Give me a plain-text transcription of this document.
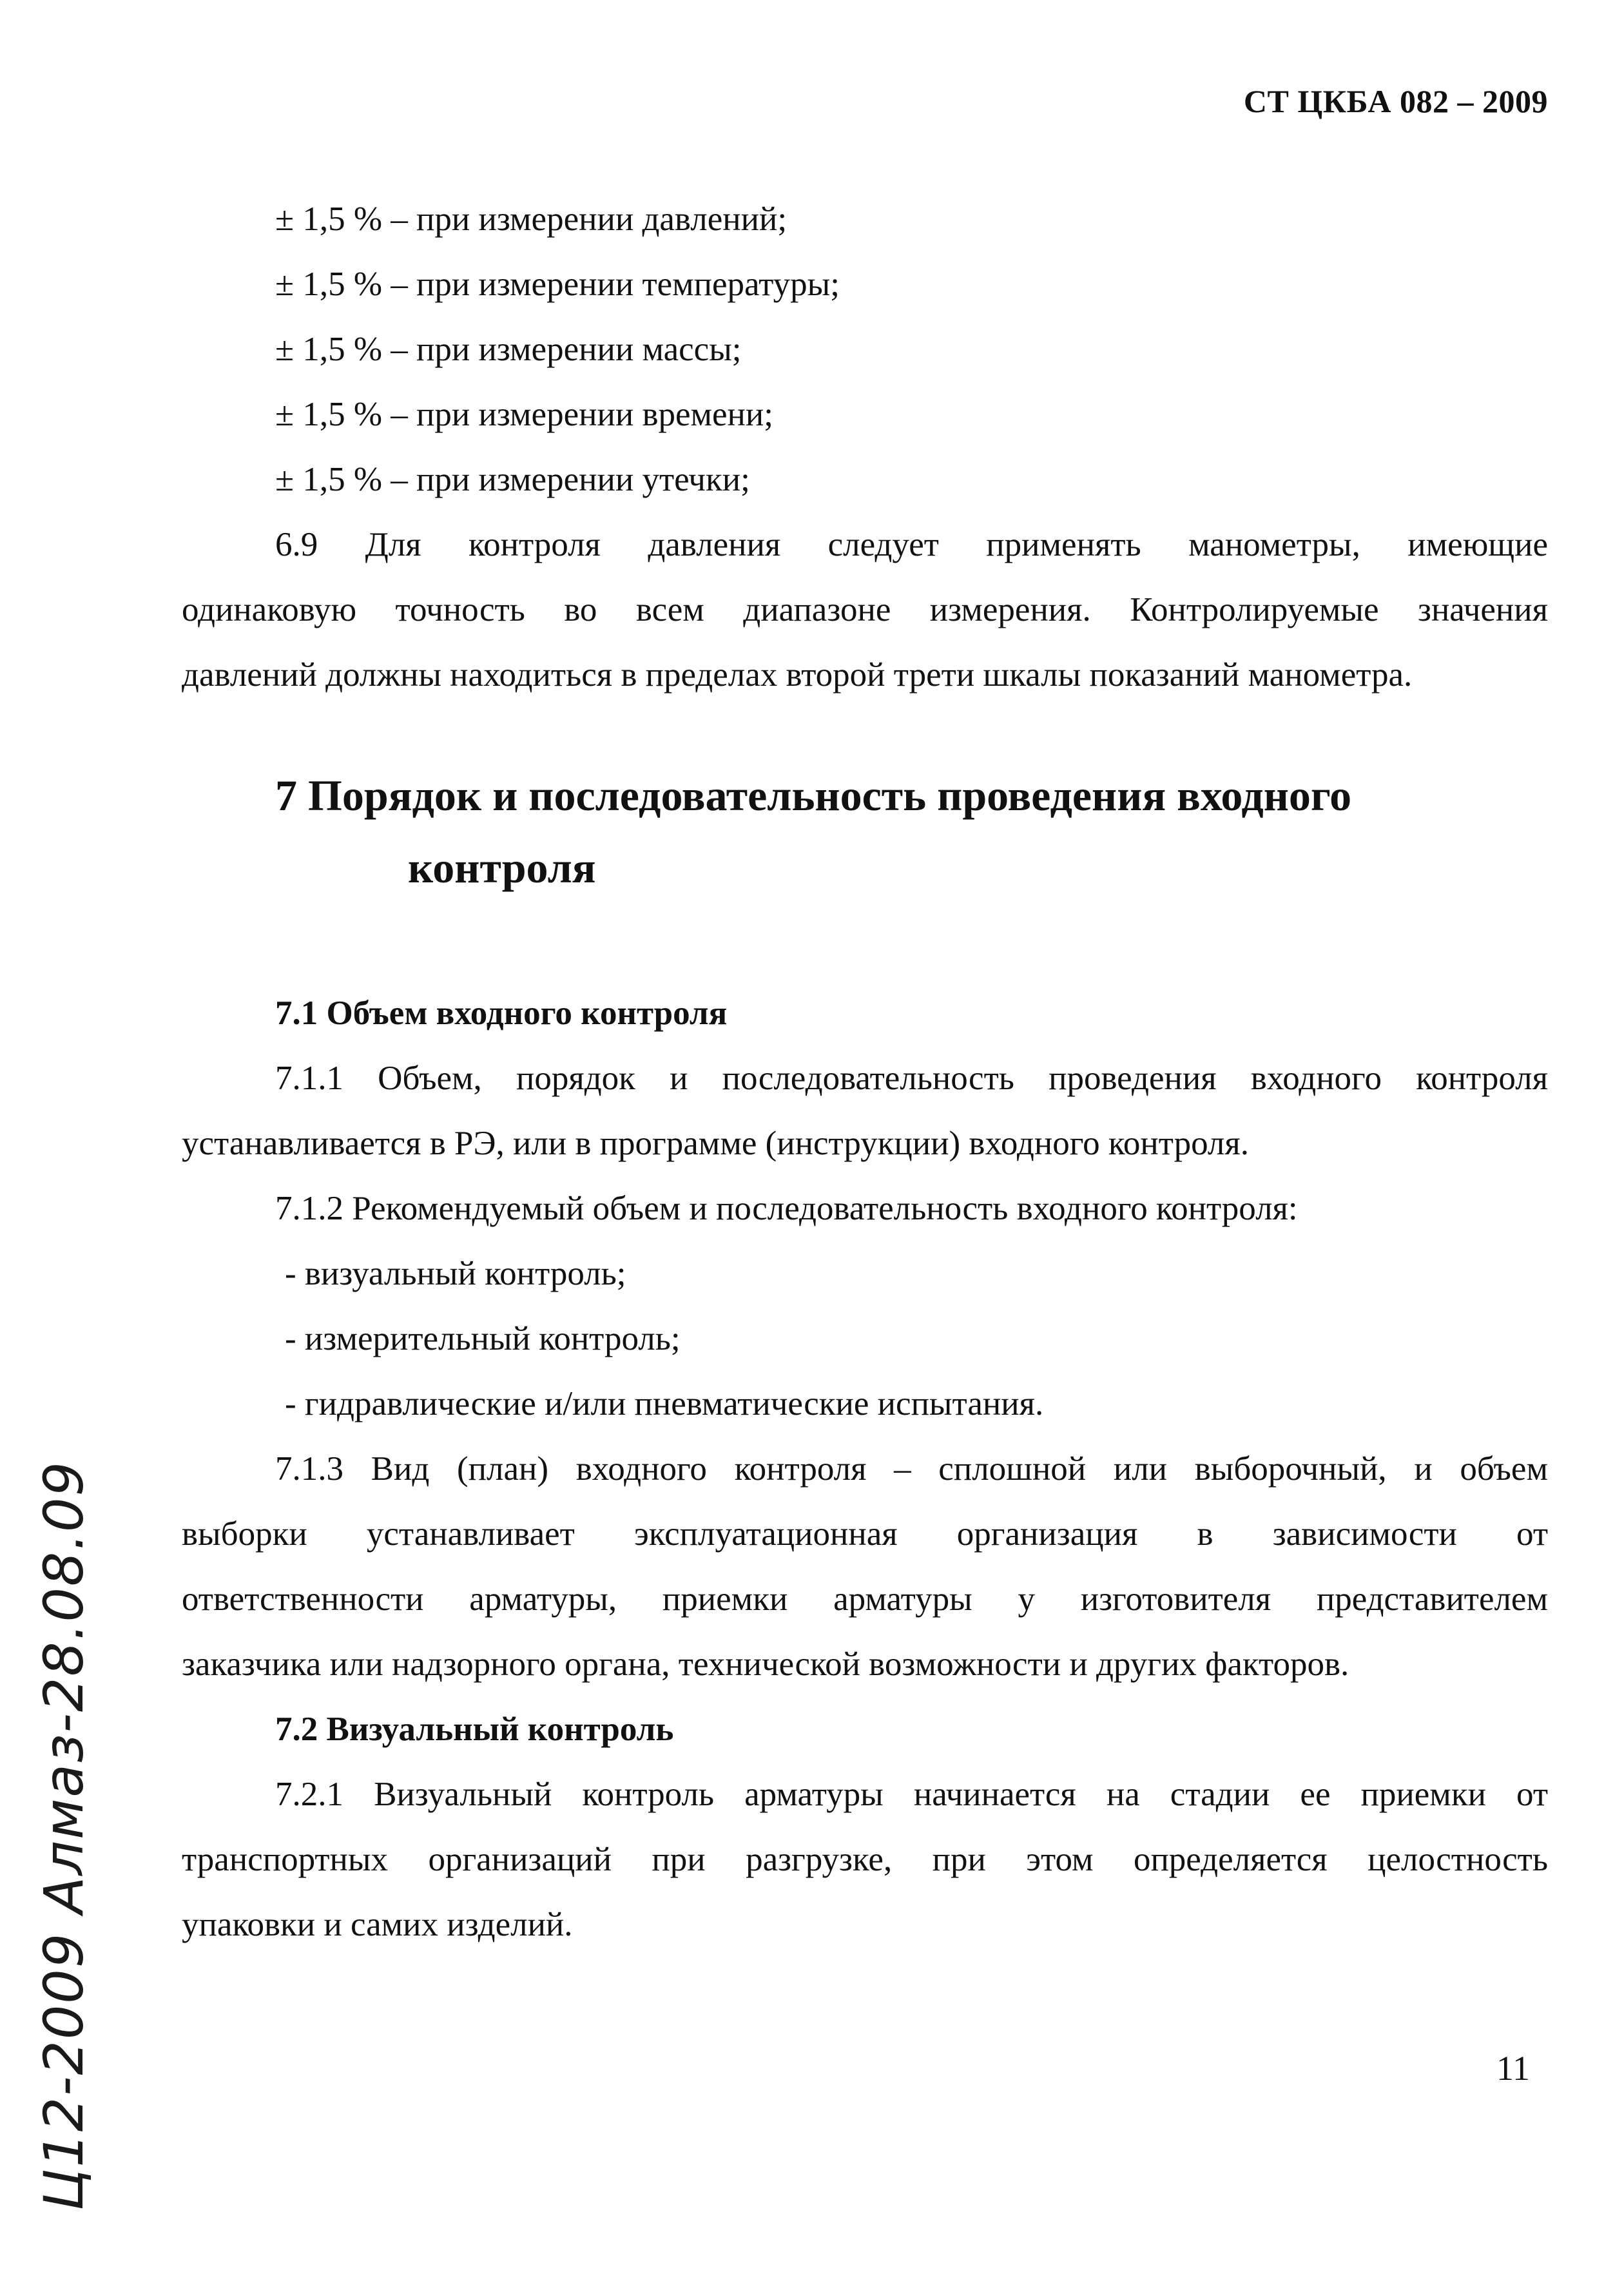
СТ ЦКБА 082 – 2009
± 1,5 % – при измерении давлений;
± 1,5 % – при измерении температуры;
± 1,5 % – при измерении массы;
± 1,5 % – при измерении времени;
± 1,5 % – при измерении утечки;
6.9 Для контроля давления следует применять манометры, имеющие
одинаковую точность во всем диапазоне измерения. Контролируемые значения
давлений должны находиться в пределах второй трети шкалы показаний манометра.
7 Порядок и последовательность проведения входного
контроля
7.1 Объем входного контроля
7.1.1 Объем, порядок и последовательность проведения входного контроля
устанавливается в РЭ, или в программе (инструкции) входного контроля.
7.1.2 Рекомендуемый объем и последовательность входного контроля:
- визуальный контроль;
- измерительный контроль;
- гидравлические и/или пневматические испытания.
7.1.3 Вид (план) входного контроля – сплошной или выборочный, и объем
выборки устанавливает эксплуатационная организация в зависимости от
ответственности арматуры, приемки арматуры у изготовителя представителем
заказчика или надзорного органа, технической возможности и других факторов.
7.2 Визуальный контроль
7.2.1 Визуальный контроль арматуры начинается на стадии ее приемки от
транспортных организаций при разгрузке, при этом определяется целостность
упаковки и самих изделий.
11
Ц12-2009 Алмаз-28.08.09
